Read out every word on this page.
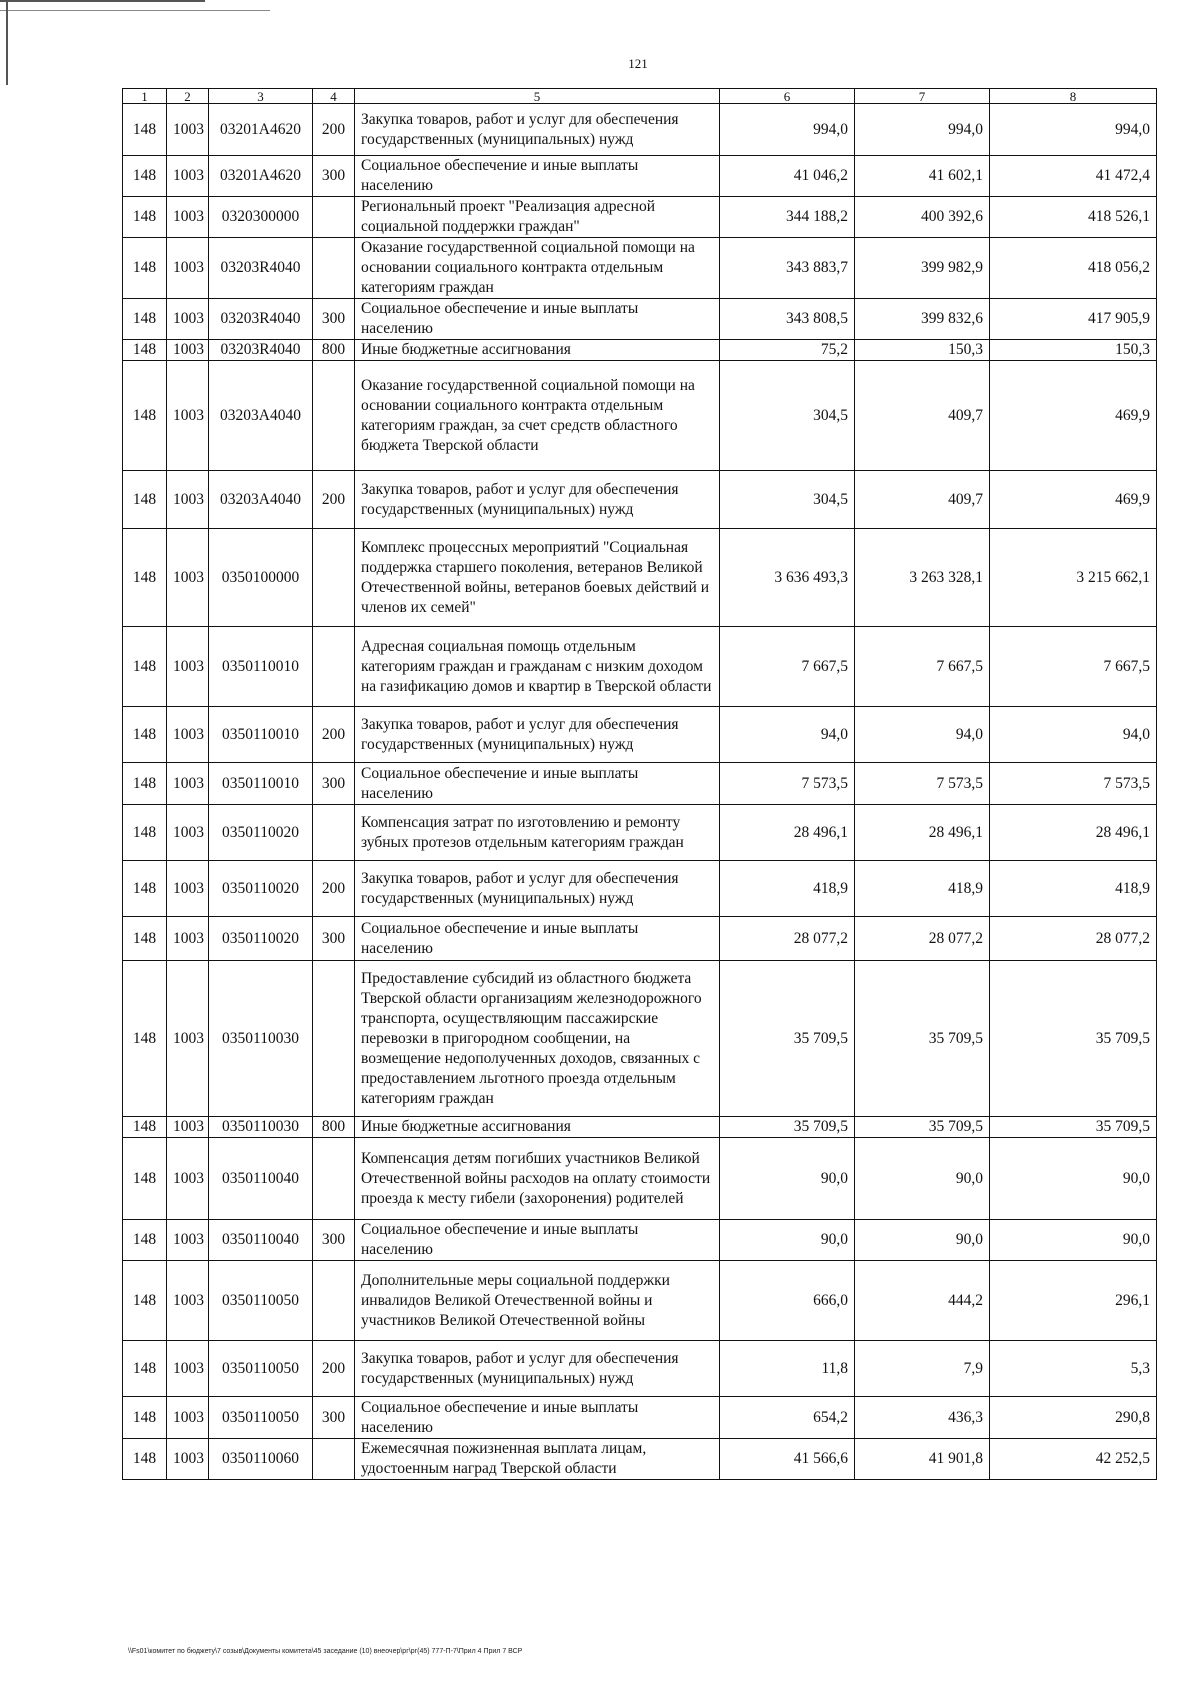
121
1	2	3	4	5	6	7	8
148	1003	03201A4620	200	Закупка товаров, работ и услуг для обеспечения государственных (муниципальных) нужд	994,0	994,0	994,0
148	1003	03201A4620	300	Социальное обеспечение и иные выплаты населению	41 046,2	41 602,1	41 472,4
148	1003	0320300000		Региональный проект "Реализация адресной социальной поддержки граждан"	344 188,2	400 392,6	418 526,1
148	1003	03203R4040		Оказание государственной социальной помощи на основании социального контракта отдельным категориям граждан	343 883,7	399 982,9	418 056,2
148	1003	03203R4040	300	Социальное обеспечение и иные выплаты населению	343 808,5	399 832,6	417 905,9
148	1003	03203R4040	800	Иные бюджетные ассигнования	75,2	150,3	150,3
148	1003	03203A4040		Оказание государственной социальной помощи на основании социального контракта отдельным категориям граждан, за счет средств областного бюджета Тверской области	304,5	409,7	469,9
148	1003	03203A4040	200	Закупка товаров, работ и услуг для обеспечения государственных (муниципальных) нужд	304,5	409,7	469,9
148	1003	0350100000		Комплекс процессных мероприятий "Социальная поддержка старшего поколения, ветеранов Великой Отечественной войны, ветеранов боевых действий и членов их семей"	3 636 493,3	3 263 328,1	3 215 662,1
148	1003	0350110010		Адресная социальная помощь отдельным категориям граждан и гражданам с низким доходом на газификацию домов и квартир в Тверской области	7 667,5	7 667,5	7 667,5
148	1003	0350110010	200	Закупка товаров, работ и услуг для обеспечения государственных (муниципальных) нужд	94,0	94,0	94,0
148	1003	0350110010	300	Социальное обеспечение и иные выплаты населению	7 573,5	7 573,5	7 573,5
148	1003	0350110020		Компенсация затрат по изготовлению и ремонту зубных протезов отдельным категориям граждан	28 496,1	28 496,1	28 496,1
148	1003	0350110020	200	Закупка товаров, работ и услуг для обеспечения государственных (муниципальных) нужд	418,9	418,9	418,9
148	1003	0350110020	300	Социальное обеспечение и иные выплаты населению	28 077,2	28 077,2	28 077,2
148	1003	0350110030		Предоставление субсидий из областного бюджета Тверской области организациям железнодорожного транспорта, осуществляющим пассажирские перевозки в пригородном сообщении, на возмещение недополученных доходов, связанных с предоставлением льготного проезда отдельным категориям граждан	35 709,5	35 709,5	35 709,5
148	1003	0350110030	800	Иные бюджетные ассигнования	35 709,5	35 709,5	35 709,5
148	1003	0350110040		Компенсация детям погибших участников Великой Отечественной войны расходов на оплату стоимости проезда к месту гибели (захоронения) родителей	90,0	90,0	90,0
148	1003	0350110040	300	Социальное обеспечение и иные выплаты населению	90,0	90,0	90,0
148	1003	0350110050		Дополнительные меры социальной поддержки инвалидов Великой Отечественной войны и участников Великой Отечественной войны	666,0	444,2	296,1
148	1003	0350110050	200	Закупка товаров, работ и услуг для обеспечения государственных (муниципальных) нужд	11,8	7,9	5,3
148	1003	0350110050	300	Социальное обеспечение и иные выплаты населению	654,2	436,3	290,8
148	1003	0350110060		Ежемесячная пожизненная выплата лицам, удостоенным наград Тверской области	41 566,6	41 901,8	42 252,5
\\Fs01\комитет по бюджету\7 созыв\Документы комитета\45 заседание (10) внеочер\рг\рг(45) 777-П-7\Прил 4 Прил 7 ВСР
